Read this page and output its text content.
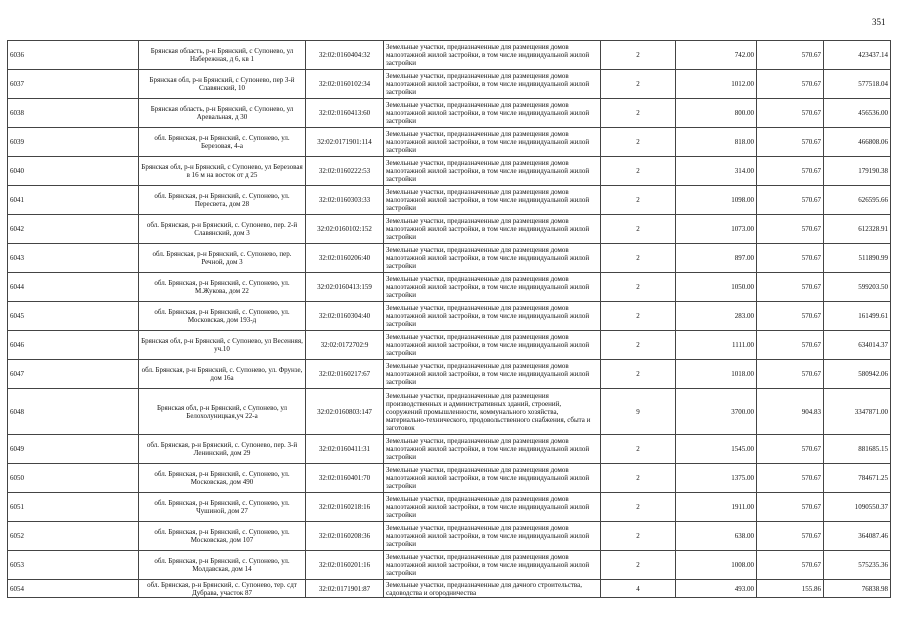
351
6036	Брянская область, р-н Брянский, с Супонево, ул Набережная, д 6, кв 1	32:02:0160404:32	Земельные участки, предназначенные для размещения домов малоэтажной жилой застройки, в том числе индивидуальной жилой застройки	2	742.00	570.67	423437.14
6037	Брянская обл, р-н Брянский, с Супонево, пер 3-й Славянский, 10	32:02:0160102:34	Земельные участки, предназначенные для размещения домов малоэтажной жилой застройки, в том числе индивидуальной жилой застройки	2	1012.00	570.67	577518.04
6038	Брянская область, р-н Брянский, с Супонево, ул Аревальная, д 30	32:02:0160413:60	Земельные участки, предназначенные для размещения домов малоэтажной жилой застройки, в том числе индивидуальной жилой застройки	2	800.00	570.67	456536.00
6039	обл. Брянская, р-н Брянский, с. Супонево, ул. Березовая, 4-а	32:02:0171901:114	Земельные участки, предназначенные для размещения домов малоэтажной жилой застройки, в том числе индивидуальной жилой застройки	2	818.00	570.67	466808.06
6040	Брянская обл, р-н Брянский, с Супонево, ул Березовая в 16 м на восток от д 25	32:02:0160222:53	Земельные участки, предназначенные для размещения домов малоэтажной жилой застройки, в том числе индивидуальной жилой застройки	2	314.00	570.67	179190.38
6041	обл. Брянская, р-н Брянский, с. Супонево, ул. Пересвета, дом 28	32:02:0160303:33	Земельные участки, предназначенные для размещения домов малоэтажной жилой застройки, в том числе индивидуальной жилой застройки	2	1098.00	570.67	626595.66
6042	обл. Брянская, р-н Брянский, с. Супонево, пер. 2-й Славянский, дом 3	32:02:0160102:152	Земельные участки, предназначенные для размещения домов малоэтажной жилой застройки, в том числе индивидуальной жилой застройки	2	1073.00	570.67	612328.91
6043	обл. Брянская, р-н Брянский, с. Супонево, пер. Речной, дом 3	32:02:0160206:40	Земельные участки, предназначенные для размещения домов малоэтажной жилой застройки, в том числе индивидуальной жилой застройки	2	897.00	570.67	511890.99
6044	обл. Брянская, р-н Брянский, с. Супонево, ул. М.Жукова, дом 22	32:02:0160413:159	Земельные участки, предназначенные для размещения домов малоэтажной жилой застройки, в том числе индивидуальной жилой застройки	2	1050.00	570.67	599203.50
6045	обл. Брянская, р-н Брянский, с. Супонево, ул. Московская, дом 193-д	32:02:0160304:40	Земельные участки, предназначенные для размещения домов малоэтажной жилой застройки, в том числе индивидуальной жилой застройки	2	283.00	570.67	161499.61
6046	Брянская обл, р-н Брянский, с Супонево, ул Весенняя, уч.10	32:02:0172702:9	Земельные участки, предназначенные для размещения домов малоэтажной жилой застройки, в том числе индивидуальной жилой застройки	2	1111.00	570.67	634014.37
6047	обл. Брянская, р-н Брянский, с. Супонево, ул. Фрунзе, дом 16а	32:02:0160217:67	Земельные участки, предназначенные для размещения домов малоэтажной жилой застройки, в том числе индивидуальной жилой застройки	2	1018.00	570.67	580942.06
6048	Брянская обл, р-н Брянский, с Супонево, ул Белохолуницкая,уч 22-а	32:02:0160803:147	Земельные участки, предназначенные для размещения производственных и административных зданий, строений, сооружений промышленности, коммунального хозяйства, материально-технического, продовольственного снабжения, сбыта и заготовок	9	3700.00	904.83	3347871.00
6049	обл. Брянская, р-н Брянский, с. Супонево, пер. 3-й Ленинский, дом 29	32:02:0160411:31	Земельные участки, предназначенные для размещения домов малоэтажной жилой застройки, в том числе индивидуальной жилой застройки	2	1545.00	570.67	881685.15
6050	обл. Брянская, р-н Брянский, с. Супонево, ул. Московская, дом 490	32:02:0160401:70	Земельные участки, предназначенные для размещения домов малоэтажной жилой застройки, в том числе индивидуальной жилой застройки	2	1375.00	570.67	784671.25
6051	обл. Брянская, р-н Брянский, с. Супонево, ул. Чушиной, дом 27	32:02:0160218:16	Земельные участки, предназначенные для размещения домов малоэтажной жилой застройки, в том числе индивидуальной жилой застройки	2	1911.00	570.67	1090550.37
6052	обл. Брянская, р-н Брянский, с. Супонево, ул. Московская, дом 107	32:02:0160208:36	Земельные участки, предназначенные для размещения домов малоэтажной жилой застройки, в том числе индивидуальной жилой застройки	2	638.00	570.67	364087.46
6053	обл. Брянская, р-н Брянский, с. Супонево, ул. Молдавская, дом 14	32:02:0160201:16	Земельные участки, предназначенные для размещения домов малоэтажной жилой застройки, в том числе индивидуальной жилой застройки	2	1008.00	570.67	575235.36
6054	обл. Брянская, р-н Брянский, с. Супонево, тер. сдт Дубрава, участок 87	32:02:0171901:87	Земельные участки, предназначенные для дачного строительства, садоводства и огородничества	4	493.00	155.86	76838.98
